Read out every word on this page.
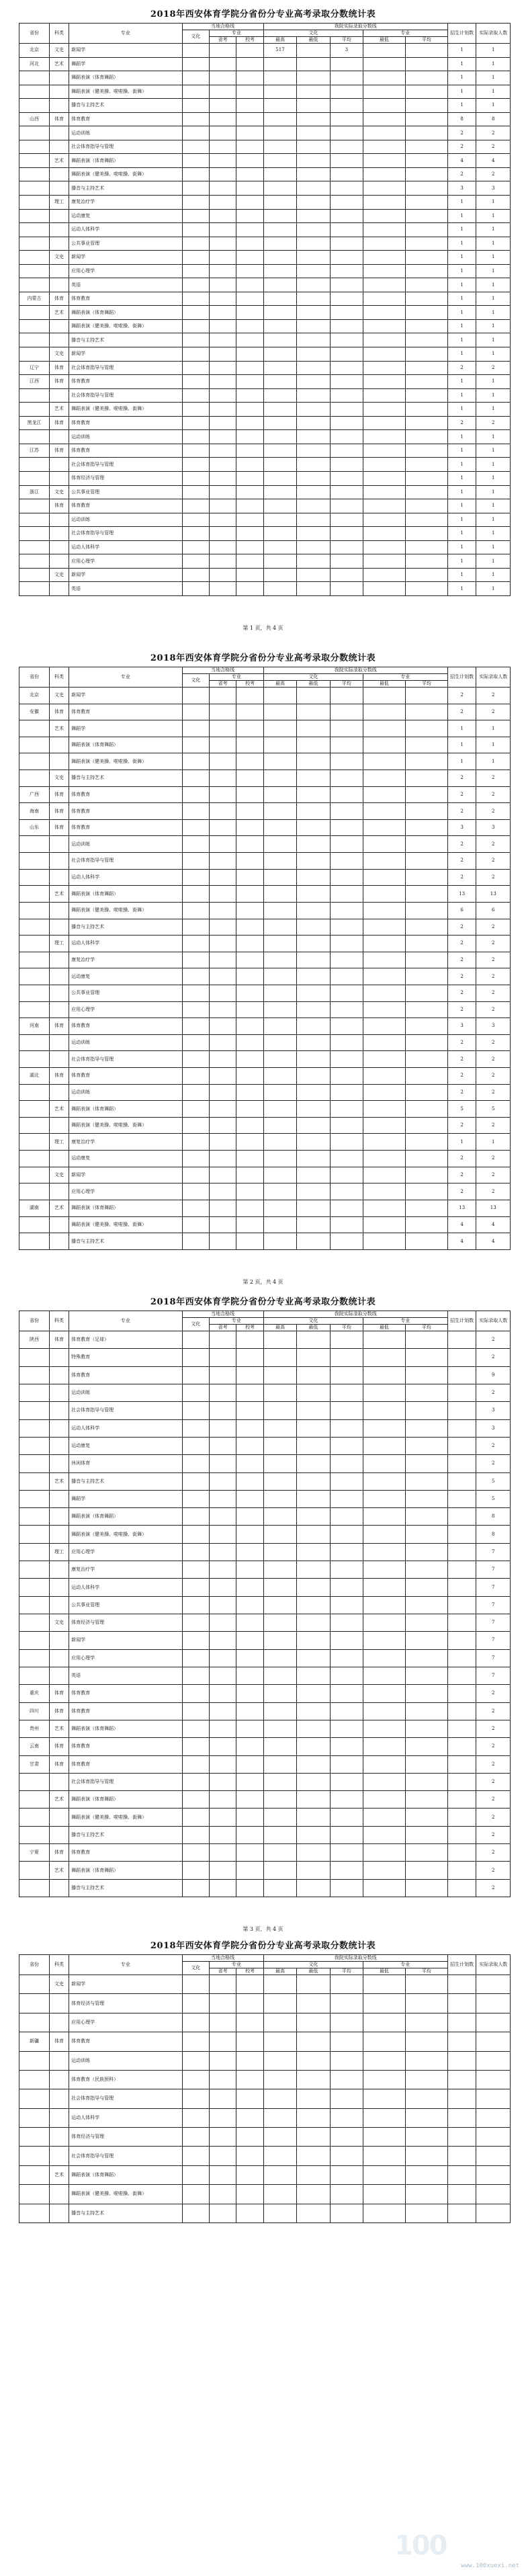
2018年西安体育学院分省份分专业高考录取分数统计表
省份	科类	专业	当地合格线			我院实际录取分数线					招生计划数	实际录取人数
			文化	专业		文化			专业			
				省考	校考	最高	最低	平均	最低	平均		
北京	文史	新闻学				517		3			1	1
河北	艺术	舞蹈学									1	1
		舞蹈表演（体育舞蹈）									1	1
		舞蹈表演（健美操、啦啦操、街舞）									1	1
		播音与主持艺术									1	1
山西	体育	体育教育									8	8
		运动训练									2	2
		社会体育指导与管理									2	2
	艺术	舞蹈表演（体育舞蹈）									4	4
		舞蹈表演（健美操、啦啦操、街舞）									2	2
		播音与主持艺术									3	3
	理工	康复治疗学									1	1
		运动康复									1	1
		运动人体科学									1	1
		公共事业管理									1	1
	文史	新闻学									1	1
		应用心理学									1	1
		英语									1	1
内蒙古	体育	体育教育									1	1
	艺术	舞蹈表演（体育舞蹈）									1	1
		舞蹈表演（健美操、啦啦操、街舞）									1	1
		播音与主持艺术									1	1
	文史	新闻学									1	1
辽宁	体育	社会体育指导与管理									2	2
江西	体育	体育教育									1	1
		社会体育指导与管理									1	1
	艺术	舞蹈表演（健美操、啦啦操、街舞）									1	1
黑龙江	体育	体育教育									2	2
		运动训练									1	1
江苏	体育	体育教育									1	1
		社会体育指导与管理									1	1
		体育经济与管理									1	1
浙江	文史	公共事业管理									1	1
	体育	体育教育									1	1
		运动训练									1	1
		社会体育指导与管理									1	1
		运动人体科学									1	1
		应用心理学									1	1
	文史	新闻学									1	1
		英语									1	1
第 1 页，共 4 页
2018年西安体育学院分省份分专业高考录取分数统计表
省份	科类	专业	当地合格线			我院实际录取分数线					招生计划数	实际录取人数
			文化	专业		文化			专业			
				省考	校考	最高	最低	平均	最低	平均		
北京	文史	新闻学									2	2
安徽	体育	体育教育									2	2
	艺术	舞蹈学									1	1
		舞蹈表演（体育舞蹈）									1	1
		舞蹈表演（健美操、啦啦操、街舞）									1	1
	文史	播音与主持艺术									2	2
广西	体育	体育教育									2	2
海南	体育	体育教育									2	2
山东	体育	体育教育									3	3
		运动训练									2	2
		社会体育指导与管理									2	2
		运动人体科学									2	2
	艺术	舞蹈表演（体育舞蹈）									13	13
		舞蹈表演（健美操、啦啦操、街舞）									6	6
		播音与主持艺术									2	2
	理工	运动人体科学									2	2
		康复治疗学									2	2
		运动康复									2	2
		公共事业管理									2	2
		应用心理学									2	2
河南	体育	体育教育									3	3
		运动训练									2	2
		社会体育指导与管理									2	2
湖北	体育	体育教育									2	2
		运动训练									2	2
	艺术	舞蹈表演（体育舞蹈）									5	5
		舞蹈表演（健美操、啦啦操、街舞）									2	2
	理工	康复治疗学									1	1
		运动康复									2	2
	文史	新闻学									2	2
		应用心理学									2	2
湖南	艺术	舞蹈表演（体育舞蹈）									13	13
		舞蹈表演（健美操、啦啦操、街舞）									4	4
		播音与主持艺术									4	4
第 2 页，共 4 页
2018年西安体育学院分省份分专业高考录取分数统计表
省份	科类	专业	当地合格线			我院实际录取分数线					招生计划数	实际录取人数
			文化	专业		文化			专业			
				省考	校考	最高	最低	平均	最低	平均		
陕西	体育	体育教育（足球）										2
		特殊教育										2
		体育教育										9
		运动训练										2
		社会体育指导与管理										3
		运动人体科学										3
		运动康复										2
		休闲体育										2
	艺术	播音与主持艺术										5
		舞蹈学										5
		舞蹈表演（体育舞蹈）										8
		舞蹈表演（健美操、啦啦操、街舞）										8
	理工	应用心理学										7
		康复治疗学										7
		运动人体科学										7
		公共事业管理										7
	文史	体育经济与管理										7
		新闻学										7
		应用心理学										7
		英语										7
重庆	体育	体育教育										2
四川	体育	体育教育										2
贵州	艺术	舞蹈表演（体育舞蹈）										2
云南	体育	体育教育										2
甘肃	体育	体育教育										2
		社会体育指导与管理										2
	艺术	舞蹈表演（体育舞蹈）										2
		舞蹈表演（健美操、啦啦操、街舞）										2
		播音与主持艺术										2
宁夏	体育	体育教育										2
	艺术	舞蹈表演（体育舞蹈）										2
		播音与主持艺术										2
第 3 页，共 4 页
2018年西安体育学院分省份分专业高考录取分数统计表
省份	科类	专业	当地合格线			我院实际录取分数线					招生计划数	实际录取人数
			文化	专业		文化			专业			
				省考	校考	最高	最低	平均	最低	平均		
	文史	新闻学										
		体育经济与管理										
		应用心理学										
新疆	体育	体育教育										
		运动训练										
		体育教育（民族预科）										
		社会体育指导与管理										
		运动人体科学										
		体育经济与管理										
		社会体育指导与管理										
	艺术	舞蹈表演（体育舞蹈）										
		舞蹈表演（健美操、啦啦操、街舞）										
		播音与主持艺术										
100
www.100xuexi.net
